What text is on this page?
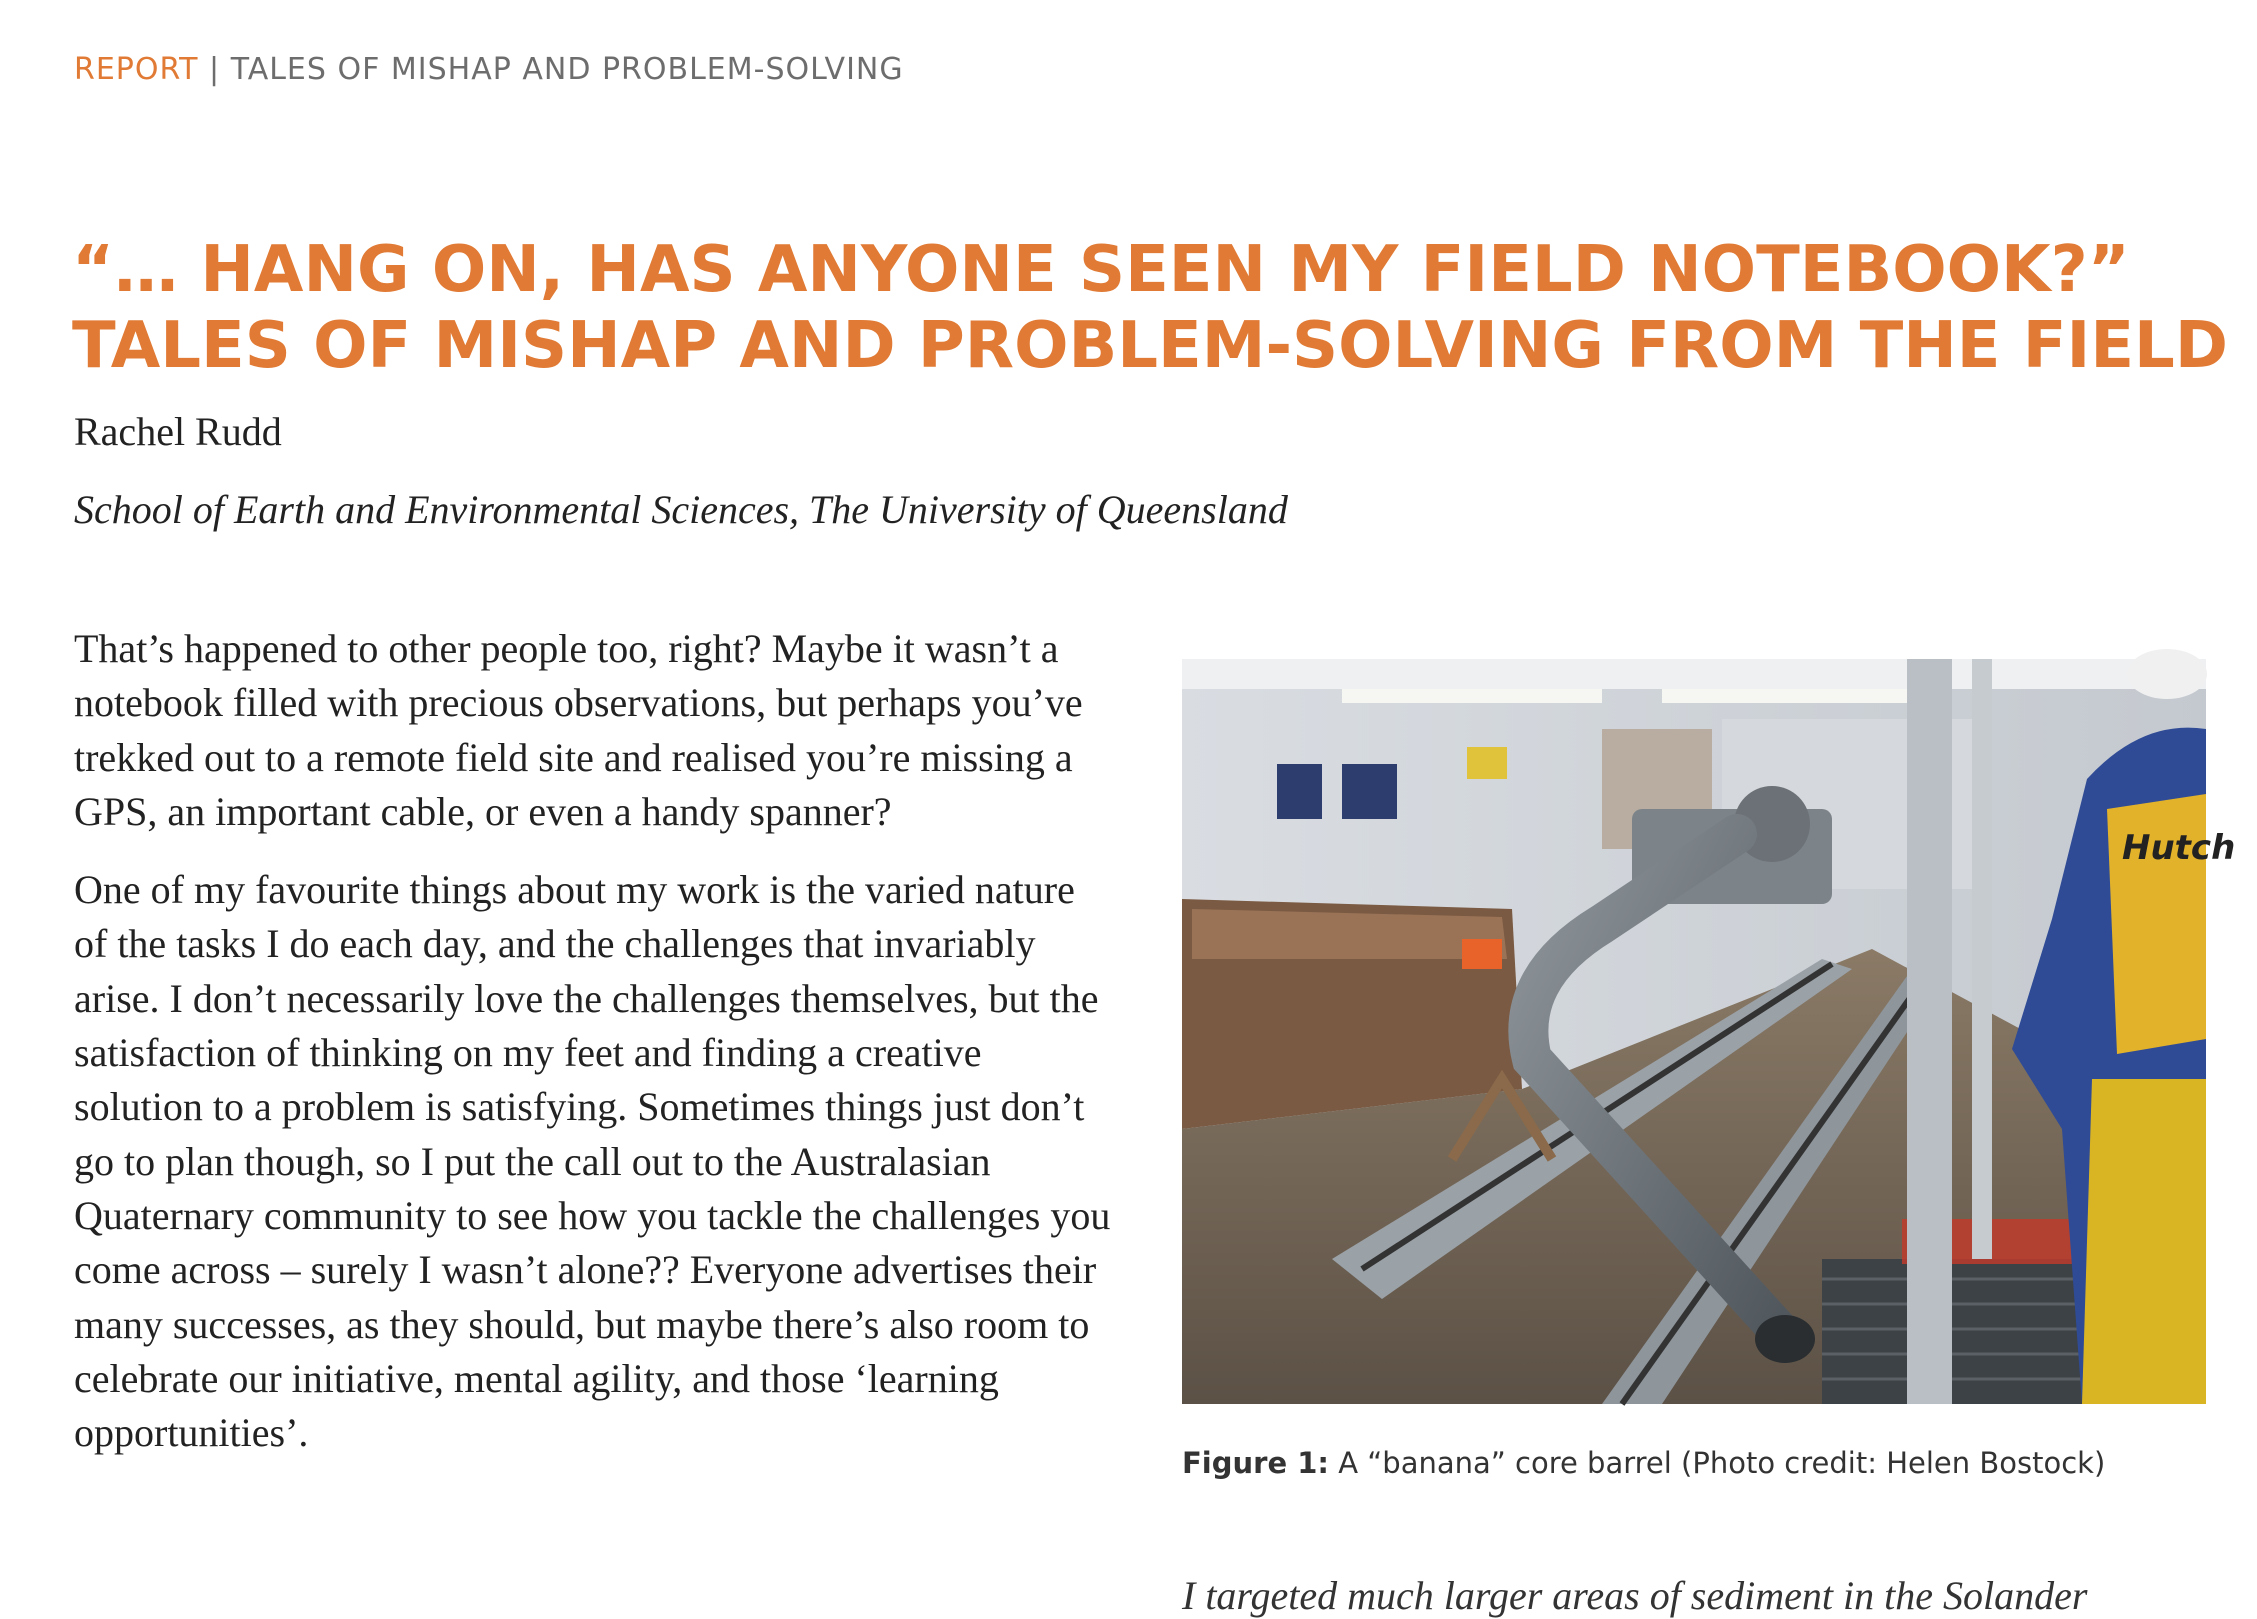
REPORT | TALES OF MISHAP AND PROBLEM-SOLVING
“… HANG ON, HAS ANYONE SEEN MY FIELD NOTEBOOK?”
TALES OF MISHAP AND PROBLEM-SOLVING FROM THE FIELD
Rachel Rudd
School of Earth and Environmental Sciences, The University of Queensland

That’s happened to other people too, right? Maybe it wasn’t a notebook filled with precious observations, but perhaps you’ve trekked out to a remote field site and realised you’re missing a GPS, an important cable, or even a handy spanner?

One of my favourite things about my work is the varied nature of the tasks I do each day, and the challenges that invariably arise. I don’t necessarily love the challenges themselves, but the satisfaction of thinking on my feet and finding a creative solution to a problem is satisfying. Sometimes things just don’t go to plan though, so I put the call out to the Australasian Quaternary community to see how you tackle the challenges you come across – surely I wasn’t alone?? Everyone advertises their many successes, as they should, but maybe there’s also room to celebrate our initiative, mental agility, and those ‘learning opportunities’.

Hutch
Figure 1: A “banana” core barrel (Photo credit: Helen Bostock)
I targeted much larger areas of sediment in the Solander
